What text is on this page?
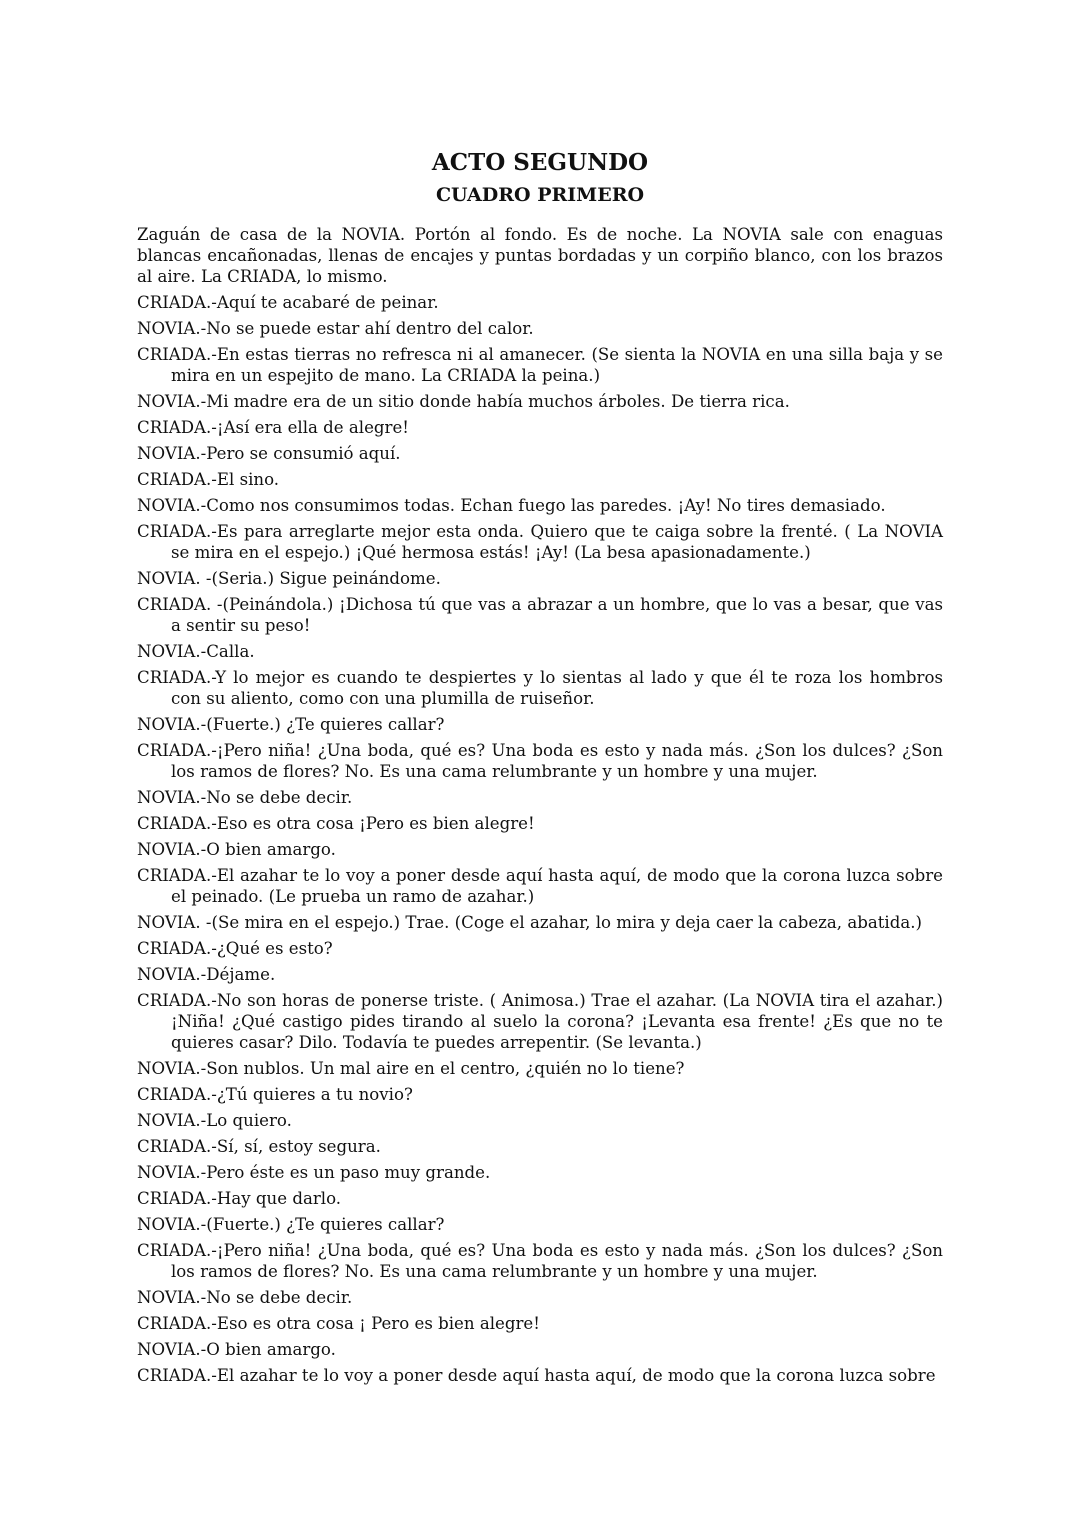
ACTO SEGUNDO
CUADRO PRIMERO

Zaguán de casa de la NOVIA. Portón al fondo. Es de noche. La NOVIA sale con enaguas blancas encañonadas, llenas de encajes y puntas bordadas y un corpiño blanco, con los brazos al aire. La CRIADA, lo mismo.

CRIADA.-Aquí te acabaré de peinar.

NOVIA.-No se puede estar ahí dentro del calor.

CRIADA.-En estas tierras no refresca ni al amanecer. (Se sienta la NOVIA en una silla baja y se mira en un espejito de mano. La CRIADA la peina.)

NOVIA.-Mi madre era de un sitio donde había muchos árboles. De tierra rica.

CRIADA.-¡Así era ella de alegre!

NOVIA.-Pero se consumió aquí.

CRIADA.-El sino.

NOVIA.-Como nos consumimos todas. Echan fuego las paredes. ¡Ay! No tires demasiado.

CRIADA.-Es para arreglarte mejor esta onda. Quiero que te caiga sobre la frenté. ( La NOVIA se mira en el espejo.) ¡Qué hermosa estás! ¡Ay! (La besa apasionadamente.)

NOVIA. -(Seria.) Sigue peinándome.

CRIADA. -(Peinándola.) ¡Dichosa tú que vas a abrazar a un hombre, que lo vas a besar, que vas a sentir su peso!

NOVIA.-Calla.

CRIADA.-Y lo mejor es cuando te despiertes y lo sientas al lado y que él te roza los hombros con su aliento, como con una plumilla de ruiseñor.

NOVIA.-(Fuerte.) ¿Te quieres callar?

CRIADA.-¡Pero niña! ¿Una boda, qué es? Una boda es esto y nada más. ¿Son los dulces? ¿Son los ramos de flores? No. Es una cama relumbrante y un hombre y una mujer.

NOVIA.-No se debe decir.

CRIADA.-Eso es otra cosa ¡Pero es bien alegre!

NOVIA.-O bien amargo.

CRIADA.-El azahar te lo voy a poner desde aquí hasta aquí, de modo que la corona luzca sobre el peinado. (Le prueba un ramo de azahar.)

NOVIA. -(Se mira en el espejo.) Trae. (Coge el azahar, lo mira y deja caer la cabeza, abatida.)

CRIADA.-¿Qué es esto?

NOVIA.-Déjame.

CRIADA.-No son horas de ponerse triste. ( Animosa.) Trae el azahar. (La NOVIA tira el azahar.) ¡Niña! ¿Qué castigo pides tirando al suelo la corona? ¡Levanta esa frente! ¿Es que no te quieres casar? Dilo. Todavía te puedes arrepentir. (Se levanta.)

NOVIA.-Son nublos. Un mal aire en el centro, ¿quién no lo tiene?

CRIADA.-¿Tú quieres a tu novio?

NOVIA.-Lo quiero.

CRIADA.-Sí, sí, estoy segura.

NOVIA.-Pero éste es un paso muy grande.

CRIADA.-Hay que darlo.

NOVIA.-(Fuerte.) ¿Te quieres callar?

CRIADA.-¡Pero niña! ¿Una boda, qué es? Una boda es esto y nada más. ¿Son los dulces? ¿Son los ramos de flores? No. Es una cama relumbrante y un hombre y una mujer.

NOVIA.-No se debe decir.

CRIADA.-Eso es otra cosa ¡ Pero es bien alegre!

NOVIA.-O bien amargo.

CRIADA.-El azahar te lo voy a poner desde aquí hasta aquí, de modo que la corona luzca sobre
